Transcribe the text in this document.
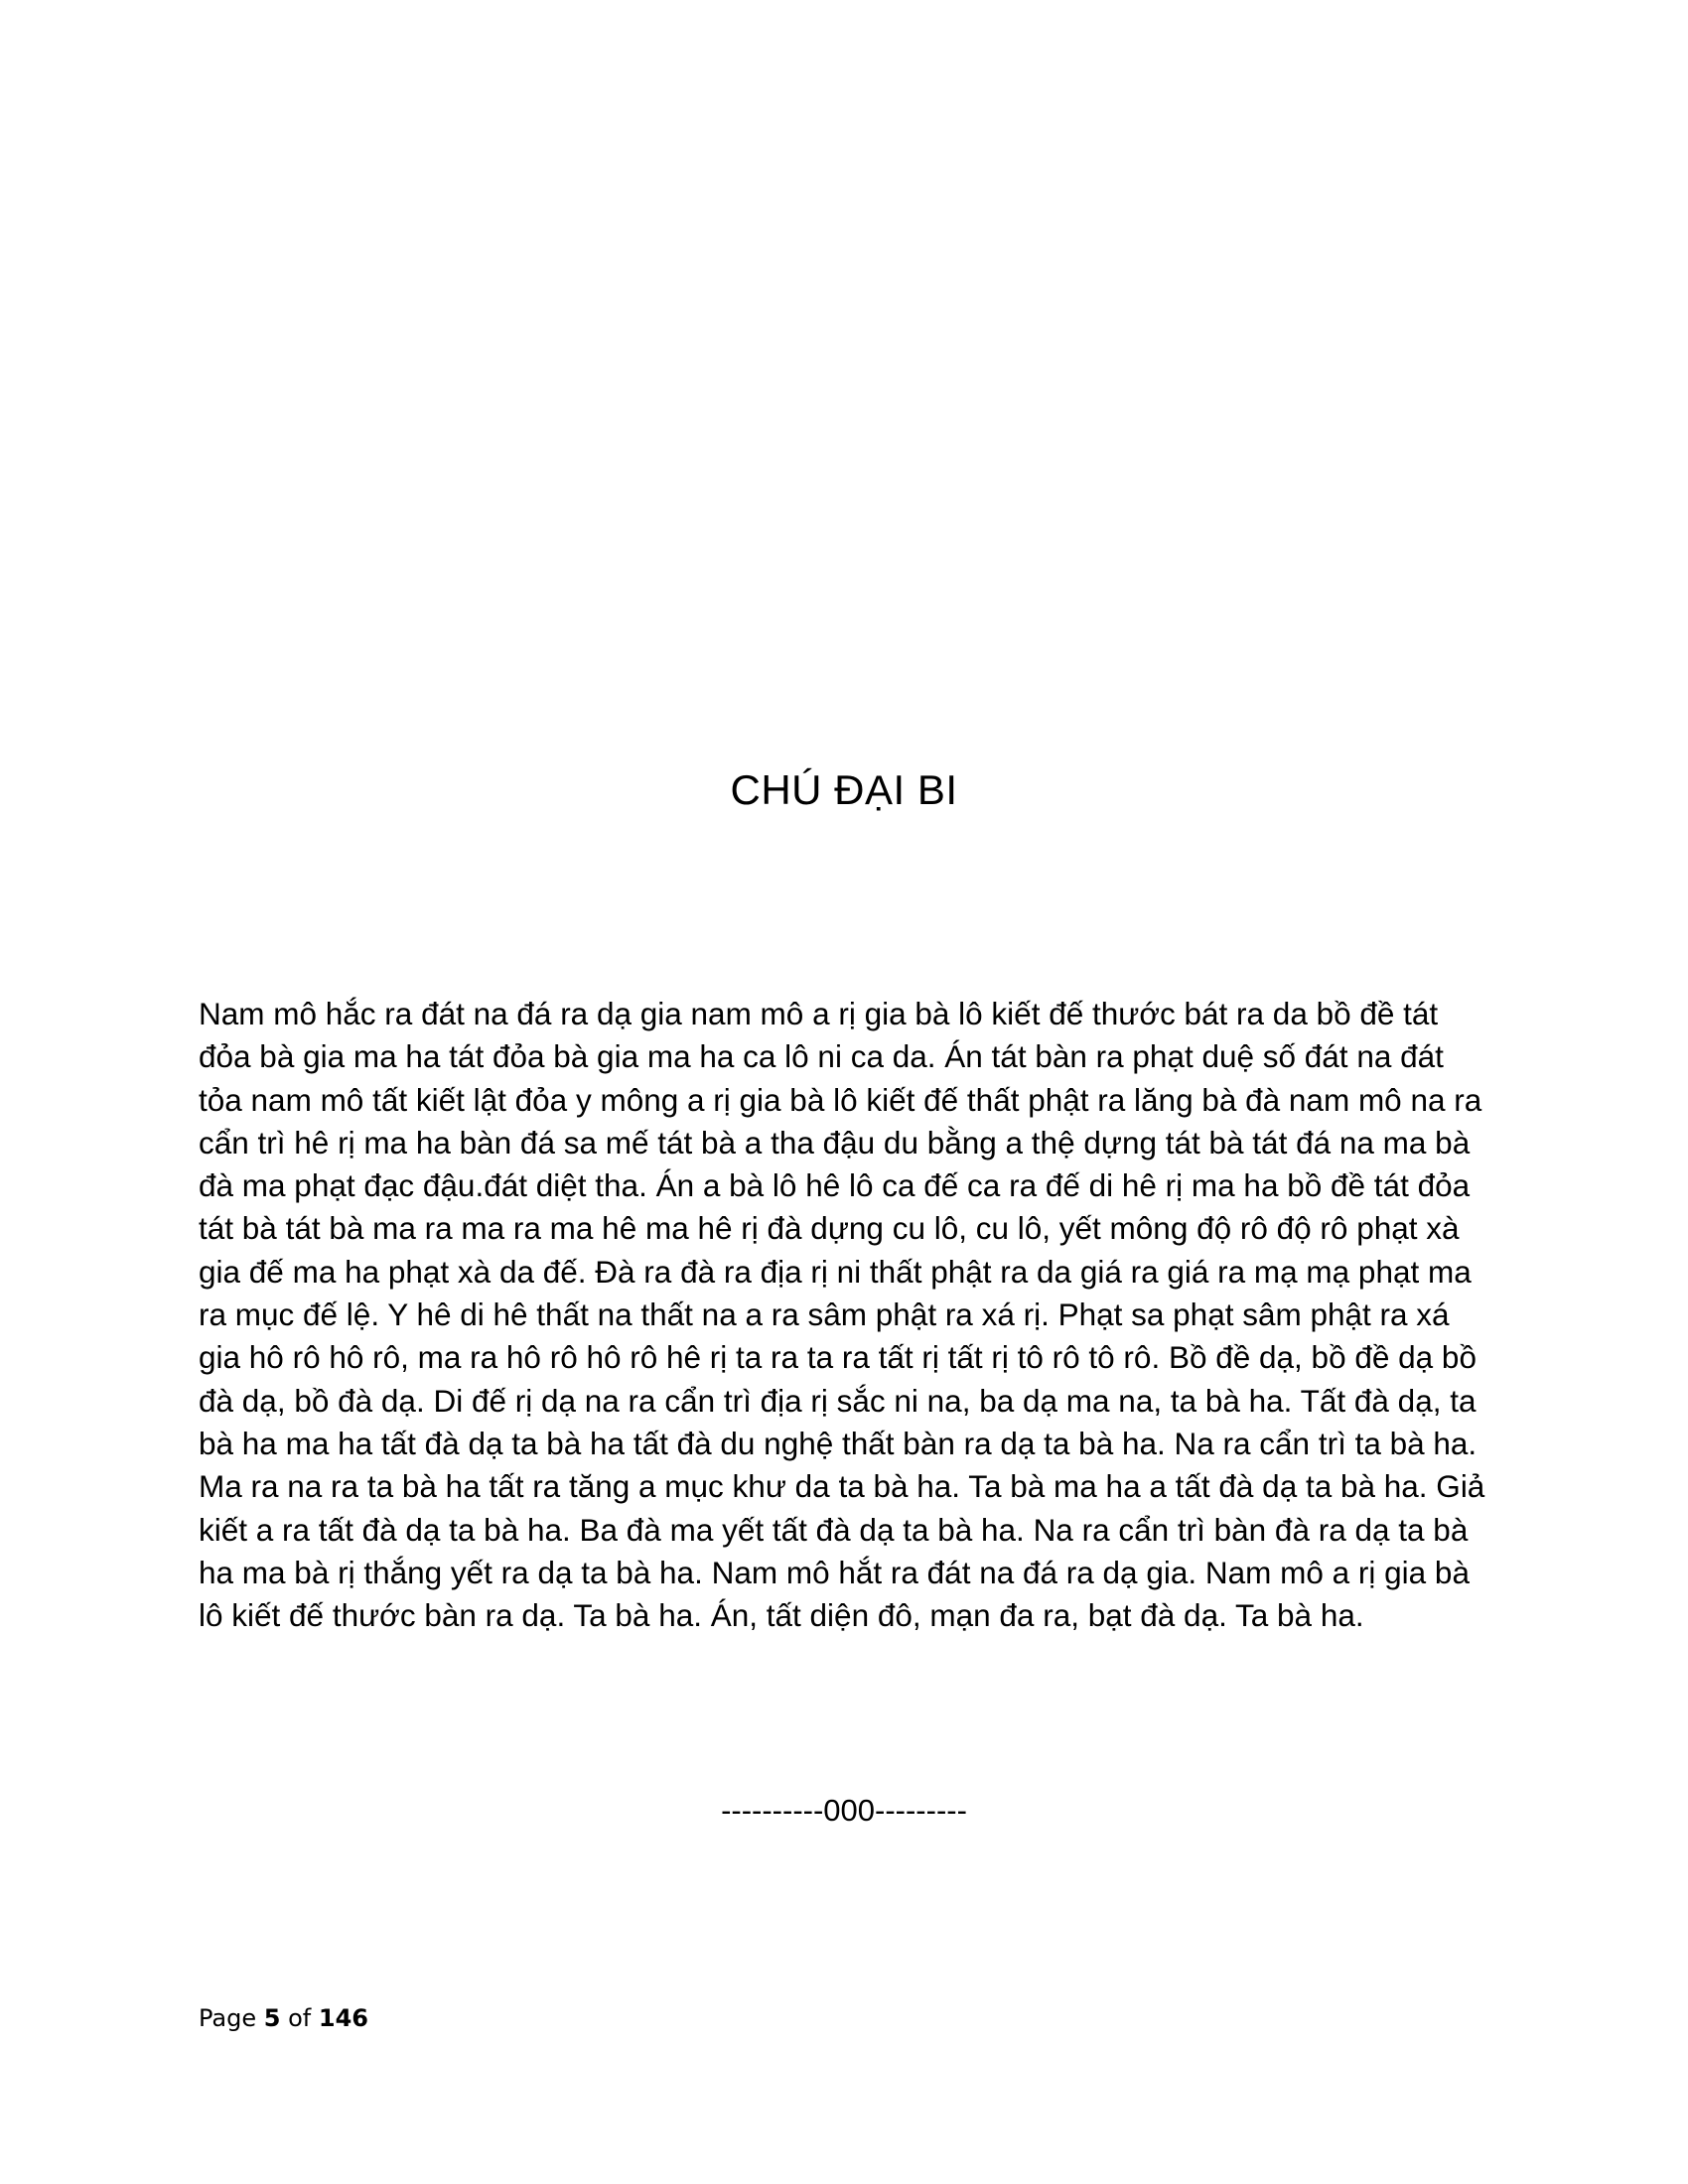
CHÚ ĐẠI BI

Nam mô hắc ra đát na đá ra dạ gia nam mô a rị gia bà lô kiết đế thước bát ra da bồ đề tát đỏa bà gia ma ha tát đỏa bà gia ma ha ca lô ni ca da. Án tát bàn ra phạt duệ số đát na đát tỏa nam mô tất kiết lật đỏa y mông a rị gia bà lô kiết đế thất phật ra lăng bà đà nam mô na ra cẩn trì hê rị ma ha bàn đá sa mế tát bà a tha đậu du bằng a thệ dựng tát bà tát đá na ma bà đà ma phạt đạc đậu.đát diệt tha. Án a bà lô hê lô ca đế ca ra đế di hê rị ma ha bồ đề tát đỏa tát bà tát bà ma ra ma ra ma hê ma hê rị đà dựng cu lô, cu lô, yết mông độ rô độ rô phạt xà gia đế ma ha phạt xà da đế. Đà ra đà ra địa rị ni thất phật ra da giá ra giá ra mạ mạ phạt ma ra mục đế lệ. Y hê di hê thất na thất na a ra sâm phật ra xá rị. Phạt sa phạt sâm phật ra xá gia hô rô hô rô, ma ra hô rô hô rô hê rị ta ra ta ra tất rị tất rị tô rô tô rô. Bồ đề dạ, bồ đề dạ bồ đà dạ, bồ đà dạ. Di đế rị dạ na ra cẩn trì địa rị sắc ni na, ba dạ ma na, ta bà ha. Tất đà dạ, ta bà ha ma ha tất đà dạ ta bà ha tất đà du nghệ thất bàn ra dạ ta bà ha. Na ra cẩn trì ta bà ha. Ma ra na ra ta bà ha tất ra tăng a mục khư da ta bà ha. Ta bà ma ha a tất đà dạ ta bà ha. Giả kiết a ra tất đà dạ ta bà ha. Ba đà ma yết tất đà dạ ta bà ha. Na ra cẩn trì bàn đà ra dạ ta bà ha ma bà rị thắng yết ra dạ ta bà ha. Nam mô hắt ra đát na đá ra dạ gia. Nam mô a rị gia bà lô kiết đế thước bàn ra dạ. Ta bà ha. Án, tất diện đô, mạn đa ra, bạt đà dạ. Ta bà ha.

----------000---------

Page 5 of 146
